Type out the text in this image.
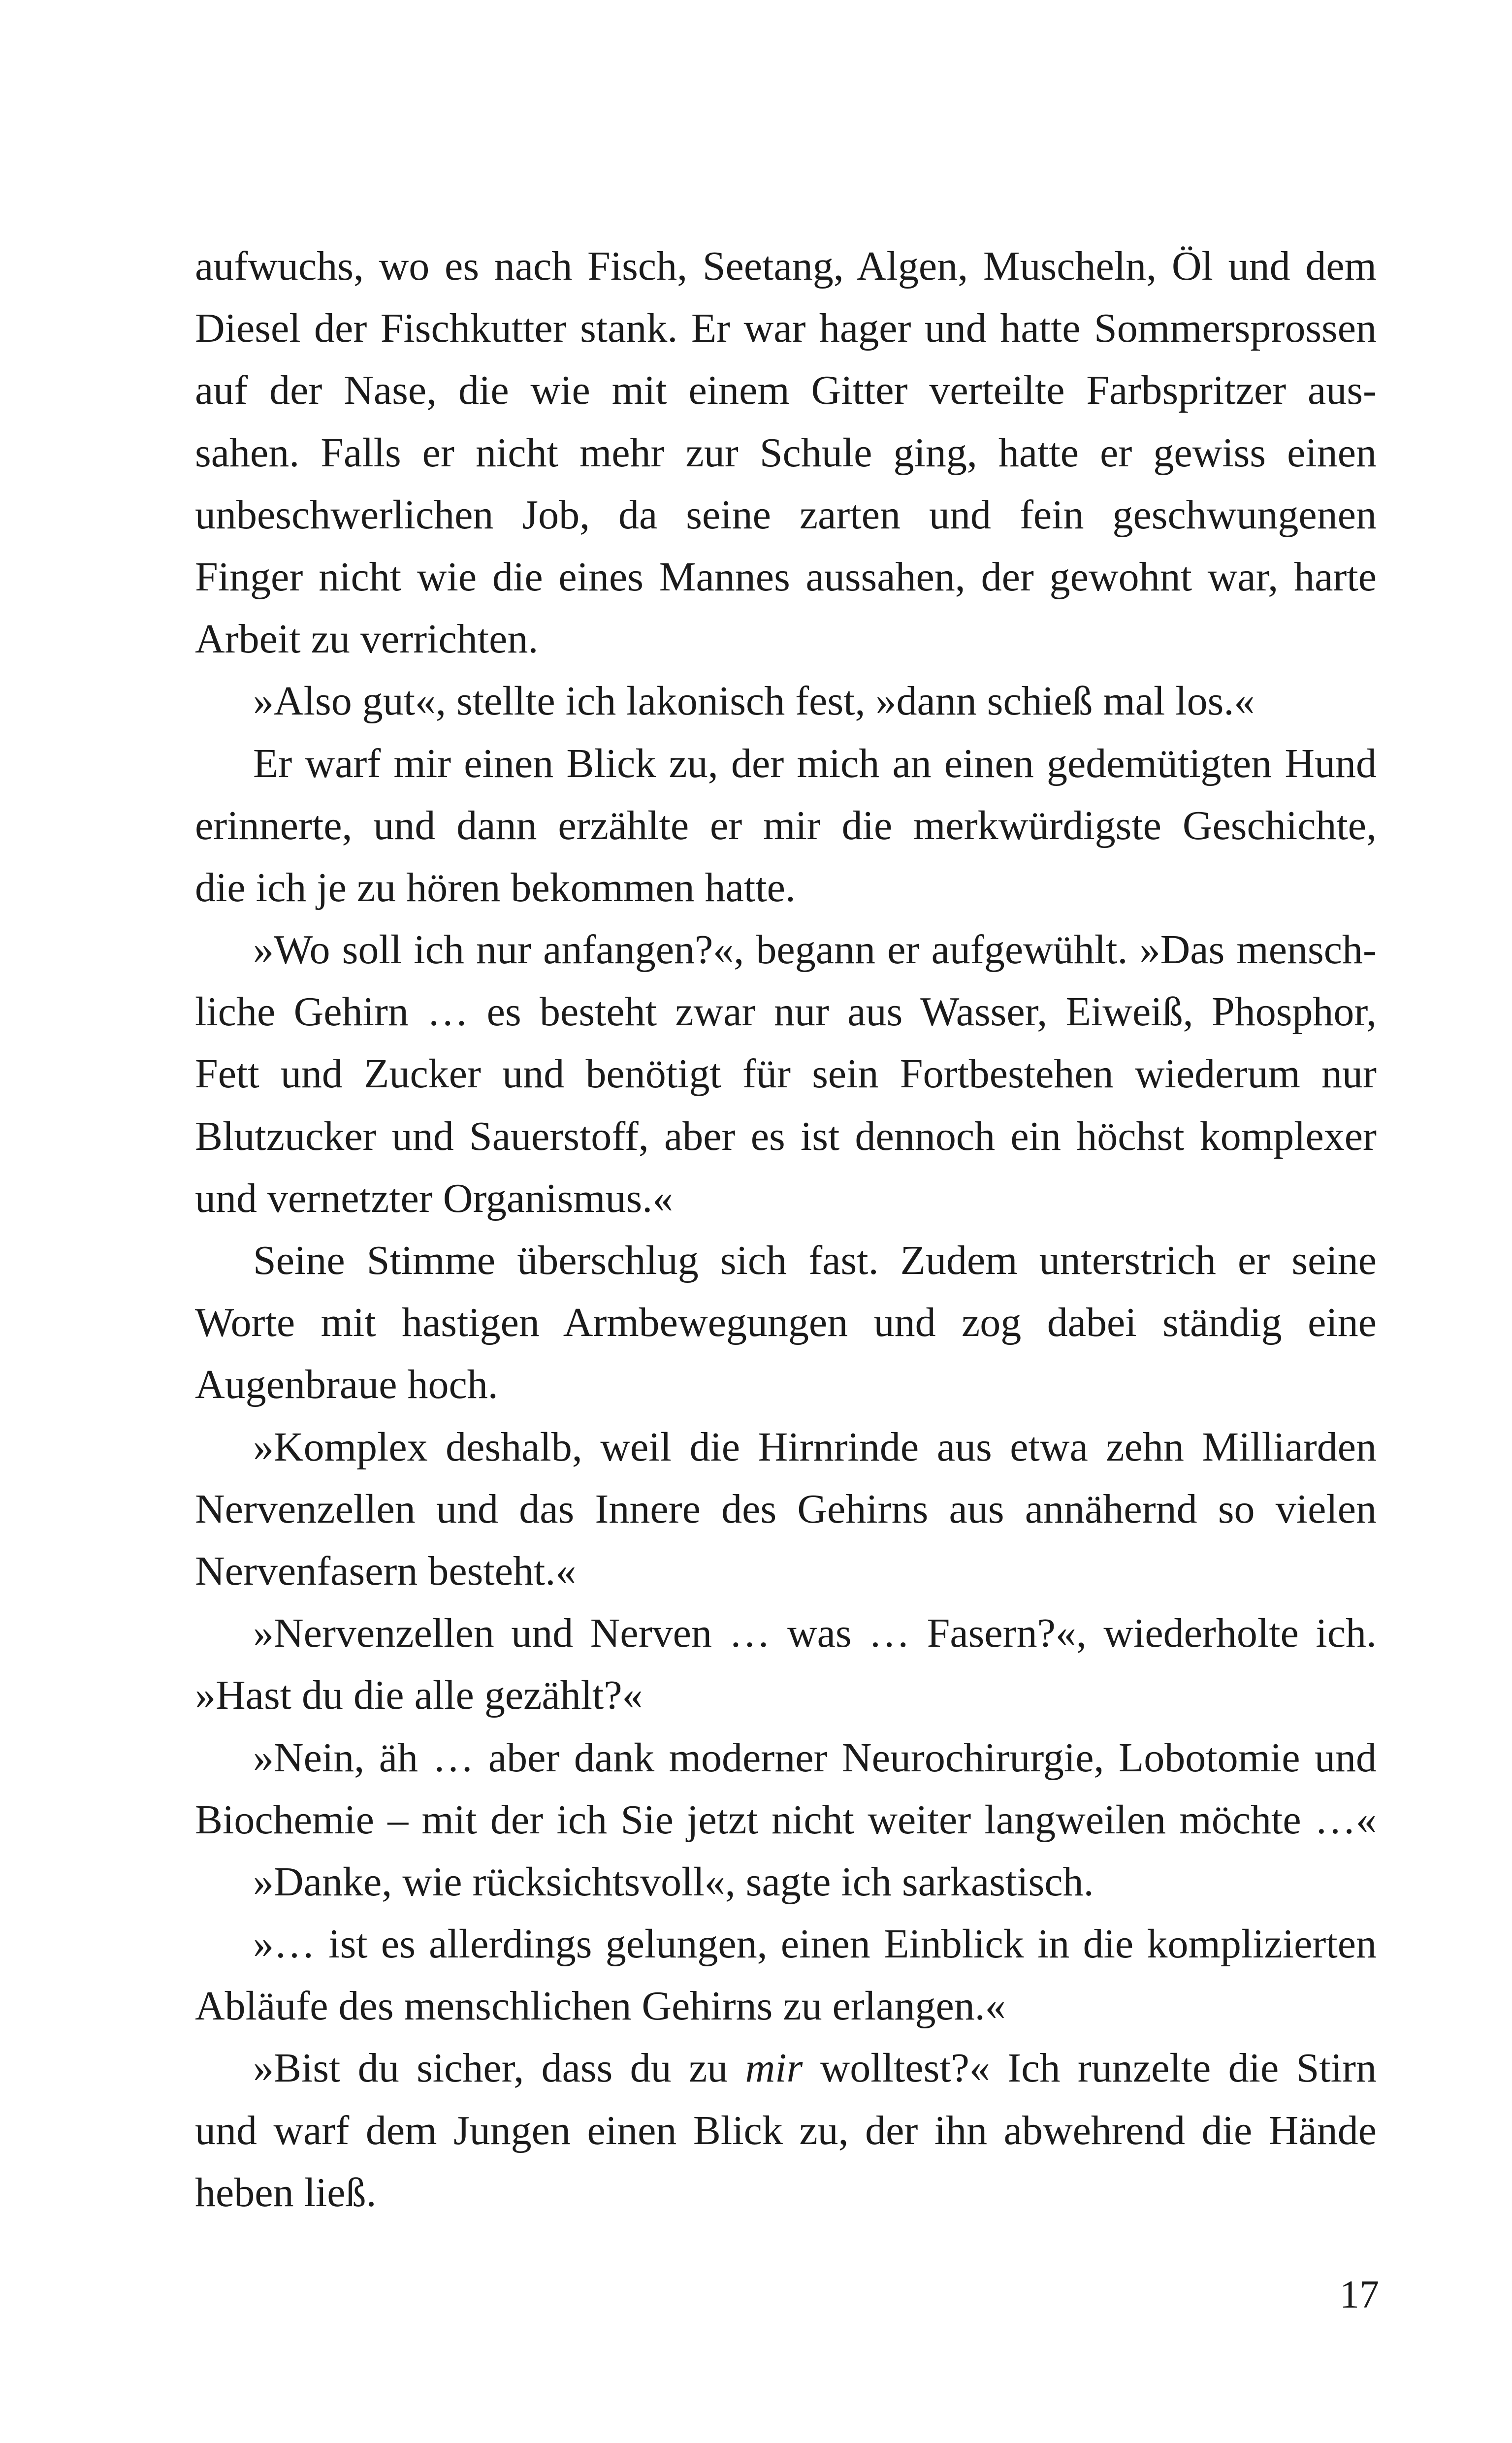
aufwuchs, wo es nach Fisch, Seetang, Algen, Muscheln, Öl und dem
Diesel der Fischkutter stank. Er war hager und hatte Sommersprossen
auf der Nase, die wie mit einem Gitter verteilte Farbspritzer aus-
sahen. Falls er nicht mehr zur Schule ging, hatte er gewiss einen
unbeschwerlichen Job, da seine zarten und fein geschwungenen
Finger nicht wie die eines Mannes aussahen, der gewohnt war, harte
Arbeit zu verrichten.
»Also gut«, stellte ich lakonisch fest, »dann schieß mal los.«
Er warf mir einen Blick zu, der mich an einen gedemütigten Hund
erinnerte, und dann erzählte er mir die merkwürdigste Geschichte,
die ich je zu hören bekommen hatte.
»Wo soll ich nur anfangen?«, begann er aufgewühlt. »Das mensch-
liche Gehirn … es besteht zwar nur aus Wasser, Eiweiß, Phosphor,
Fett und Zucker und benötigt für sein Fortbestehen wiederum nur
Blutzucker und Sauerstoff, aber es ist dennoch ein höchst komplexer
und vernetzter Organismus.«
Seine Stimme überschlug sich fast. Zudem unterstrich er seine
Worte mit hastigen Armbewegungen und zog dabei ständig eine
Augenbraue hoch.
»Komplex deshalb, weil die Hirnrinde aus etwa zehn Milliarden
Nervenzellen und das Innere des Gehirns aus annähernd so vielen
Nervenfasern besteht.«
»Nervenzellen und Nerven … was … Fasern?«, wiederholte ich.
»Hast du die alle gezählt?«
»Nein, äh … aber dank moderner Neurochirurgie, Lobotomie und
Biochemie – mit der ich Sie jetzt nicht weiter langweilen möchte …«
»Danke, wie rücksichtsvoll«, sagte ich sarkastisch.
»… ist es allerdings gelungen, einen Einblick in die komplizierten
Abläufe des menschlichen Gehirns zu erlangen.«
»Bist du sicher, dass du zu mir wolltest?« Ich runzelte die Stirn
und warf dem Jungen einen Blick zu, der ihn abwehrend die Hände
heben ließ.
17
